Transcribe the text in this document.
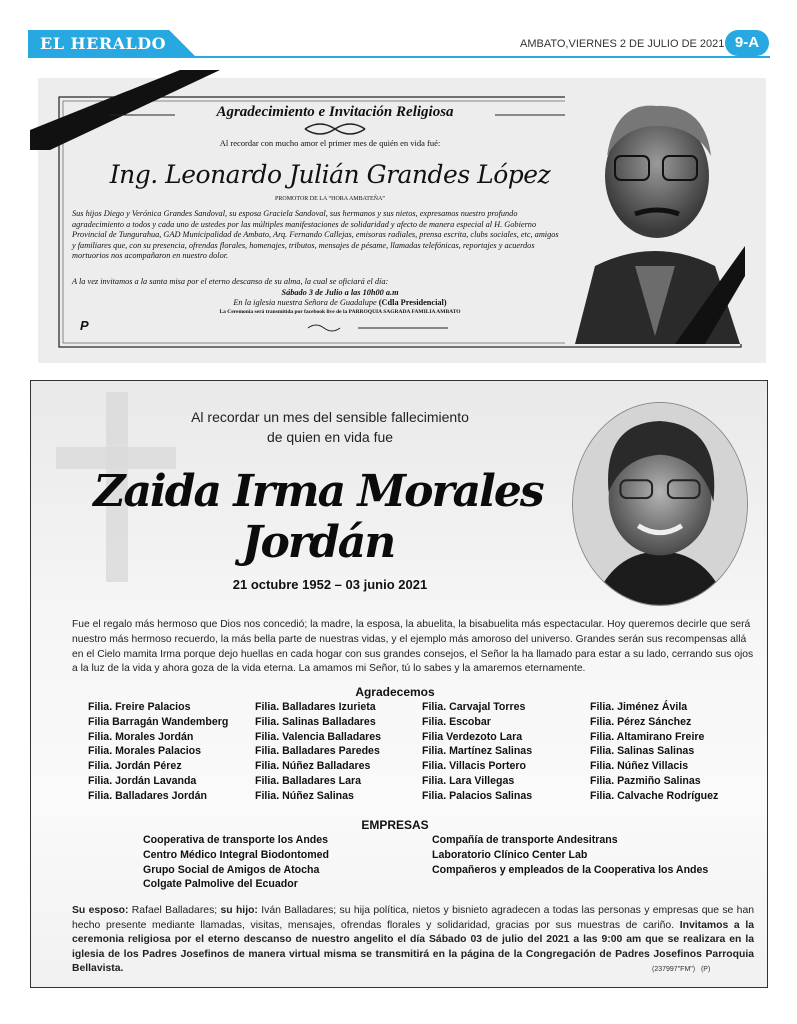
EL HERALDO	AMBATO,VIERNES 2 DE JULIO DE 2021 9-A
Agradecimiento e Invitación Religiosa
Al recordar con mucho amor el primer mes de quién en vida fué:
Ing. Leonardo Julián Grandes López
PROMOTOR DE LA “HORA AMBATEÑA”
Sus hijos Diego y Verónica Grandes Sandoval, su esposa Graciela Sandoval, sus hermanos y sus nietos, expresamos nuestro profundo agradecimiento a todos y cada uno de ustedes por las múltiples manifestaciones de solidaridad y afecto de manera especial al H. Gobierno Provincial de Tungurahua, GAD Municipalidad de Ambato, Arq. Fernando Callejas, emisoras radiales, prensa escrita, clubs sociales, etc, amigos y familiares que, con su presencia, ofrendas florales, homenajes, tributos, mensajes de pésame, llamadas telefónicas, reportajes y acuerdos mortuorios nos acompañaron en nuestro dolor.
A la vez invitamos a la santa misa por el eterno descanso de su alma, la cual se oficiará el día:
Sábado 3 de Julio a las 10h00 a.m
En la iglesia nuestra Señora de Guadalupe (Cdla Presidencial)
La Ceremonia será transmitida por facebook live de la PARROQUIA SAGRADA FAMILIA AMBATO
P
Al recordar un mes del sensible fallecimiento
de quien en vida fue
Zaida Irma Morales Jordán
21 octubre 1952 – 03 junio 2021
Fue el regalo más hermoso que Dios nos concedió; la madre, la esposa, la abuelita, la bisabuelita más espectacular. Hoy queremos decirle que será nuestro más hermoso recuerdo, la más bella parte de nuestras vidas, y el ejemplo más amoroso del universo. Grandes serán sus recompensas allá en el Cielo mamita Irma porque dejo huellas en cada hogar con sus grandes consejos, el Señor la ha llamado para estar a su lado, cerrando sus ojos a la luz de la vida y ahora goza de la vida eterna. La amamos mi Señor, tú lo sabes y la amaremos eternamente.
Agradecemos
Filia. Freire Palacios
Filia Barragán Wandemberg
Filia. Morales Jordán
Filia. Morales Palacios
Filia. Jordán Pérez
Filia. Jordán Lavanda
Filia. Balladares Jordán
Filia. Balladares Izurieta
Filia. Salinas Balladares
Filia. Valencia Balladares
Filia. Balladares Paredes
Filia. Núñez Balladares
Filia. Balladares Lara
Filia. Núñez Salinas
Filia. Carvajal Torres
Filia. Escobar
Filia Verdezoto Lara
Filia. Martínez Salinas
Filia. Villacis Portero
Filia. Lara Villegas
Filia. Palacios Salinas
Filia. Jiménez Ávila
Filia. Pérez Sánchez
Filia. Altamirano Freire
Filia. Salinas Salinas
Filia. Núñez Villacis
Filia. Pazmiño Salinas
Filia. Calvache Rodríguez
EMPRESAS
Cooperativa de transporte los Andes
Centro Médico Integral Biodontomed
Grupo Social de Amigos de Atocha
Colgate Palmolive del Ecuador
Compañía de transporte Andesitrans
Laboratorio Clínico Center Lab
Compañeros y empleados de la Cooperativa los Andes
Su esposo: Rafael Balladares; su hijo: Iván Balladares; su hija política, nietos y bisnieto agradecen a todas las personas y empresas que se han hecho presente mediante llamadas, visitas, mensajes, ofrendas florales y solidaridad, gracias por sus muestras de cariño. Invitamos a la ceremonia religiosa por el eterno descanso de nuestro angelito el día Sábado 03 de julio del 2021 a las 9:00 am que se realizara en la iglesia de los Padres Josefinos de manera virtual misma se transmitirá en la página de la Congregación de Padres Josefinos Parroquia Bellavista.	(237997"FM") (P)
